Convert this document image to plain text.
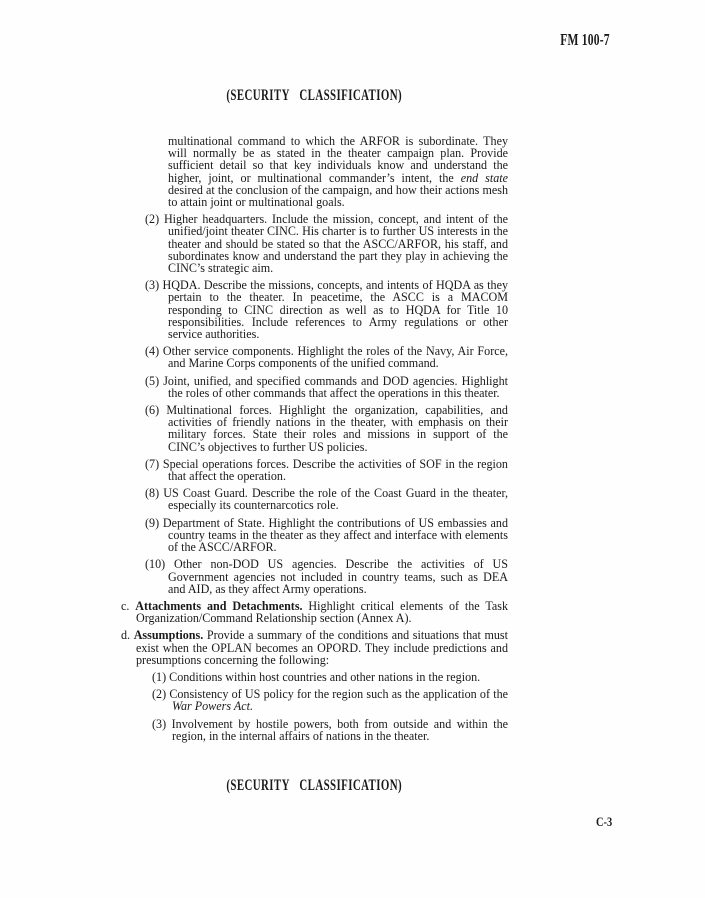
FM 100-7
(SECURITY CLASSIFICATION)

multinational command to which the ARFOR is subordinate. They will normally be as stated in the theater campaign plan. Provide sufficient detail so that key individuals know and understand the higher, joint, or multinational commander’s intent, the end state desired at the conclusion of the campaign, and how their actions mesh to attain joint or multinational goals.

(2) Higher headquarters. Include the mission, concept, and intent of the unified/joint theater CINC. His charter is to further US interests in the theater and should be stated so that the ASCC/ARFOR, his staff, and subordinates know and understand the part they play in achieving the CINC’s strategic aim.

(3) HQDA. Describe the missions, concepts, and intents of HQDA as they pertain to the theater. In peacetime, the ASCC is a MACOM responding to CINC direction as well as to HQDA for Title 10 responsibilities. Include references to Army regulations or other service authorities.

(4) Other service components. Highlight the roles of the Navy, Air Force, and Marine Corps components of the unified command.

(5) Joint, unified, and specified commands and DOD agencies. Highlight the roles of other commands that affect the operations in this theater.

(6) Multinational forces. Highlight the organization, capabilities, and activities of friendly nations in the theater, with emphasis on their military forces. State their roles and missions in support of the CINC’s objectives to further US policies.

(7) Special operations forces. Describe the activities of SOF in the region that affect the operation.

(8) US Coast Guard. Describe the role of the Coast Guard in the theater, especially its counternarcotics role.

(9) Department of State. Highlight the contributions of US embassies and country teams in the theater as they affect and interface with elements of the ASCC/ARFOR.

(10) Other non-DOD US agencies. Describe the activities of US Government agencies not included in country teams, such as DEA and AID, as they affect Army operations.

c. Attachments and Detachments. Highlight critical elements of the Task Organization/Command Relationship section (Annex A).

d. Assumptions. Provide a summary of the conditions and situations that must exist when the OPLAN becomes an OPORD. They include predictions and presumptions concerning the following:

(1) Conditions within host countries and other nations in the region.

(2) Consistency of US policy for the region such as the application of the War Powers Act.

(3) Involvement by hostile powers, both from outside and within the region, in the internal affairs of nations in the theater.

(SECURITY CLASSIFICATION)
C-3
